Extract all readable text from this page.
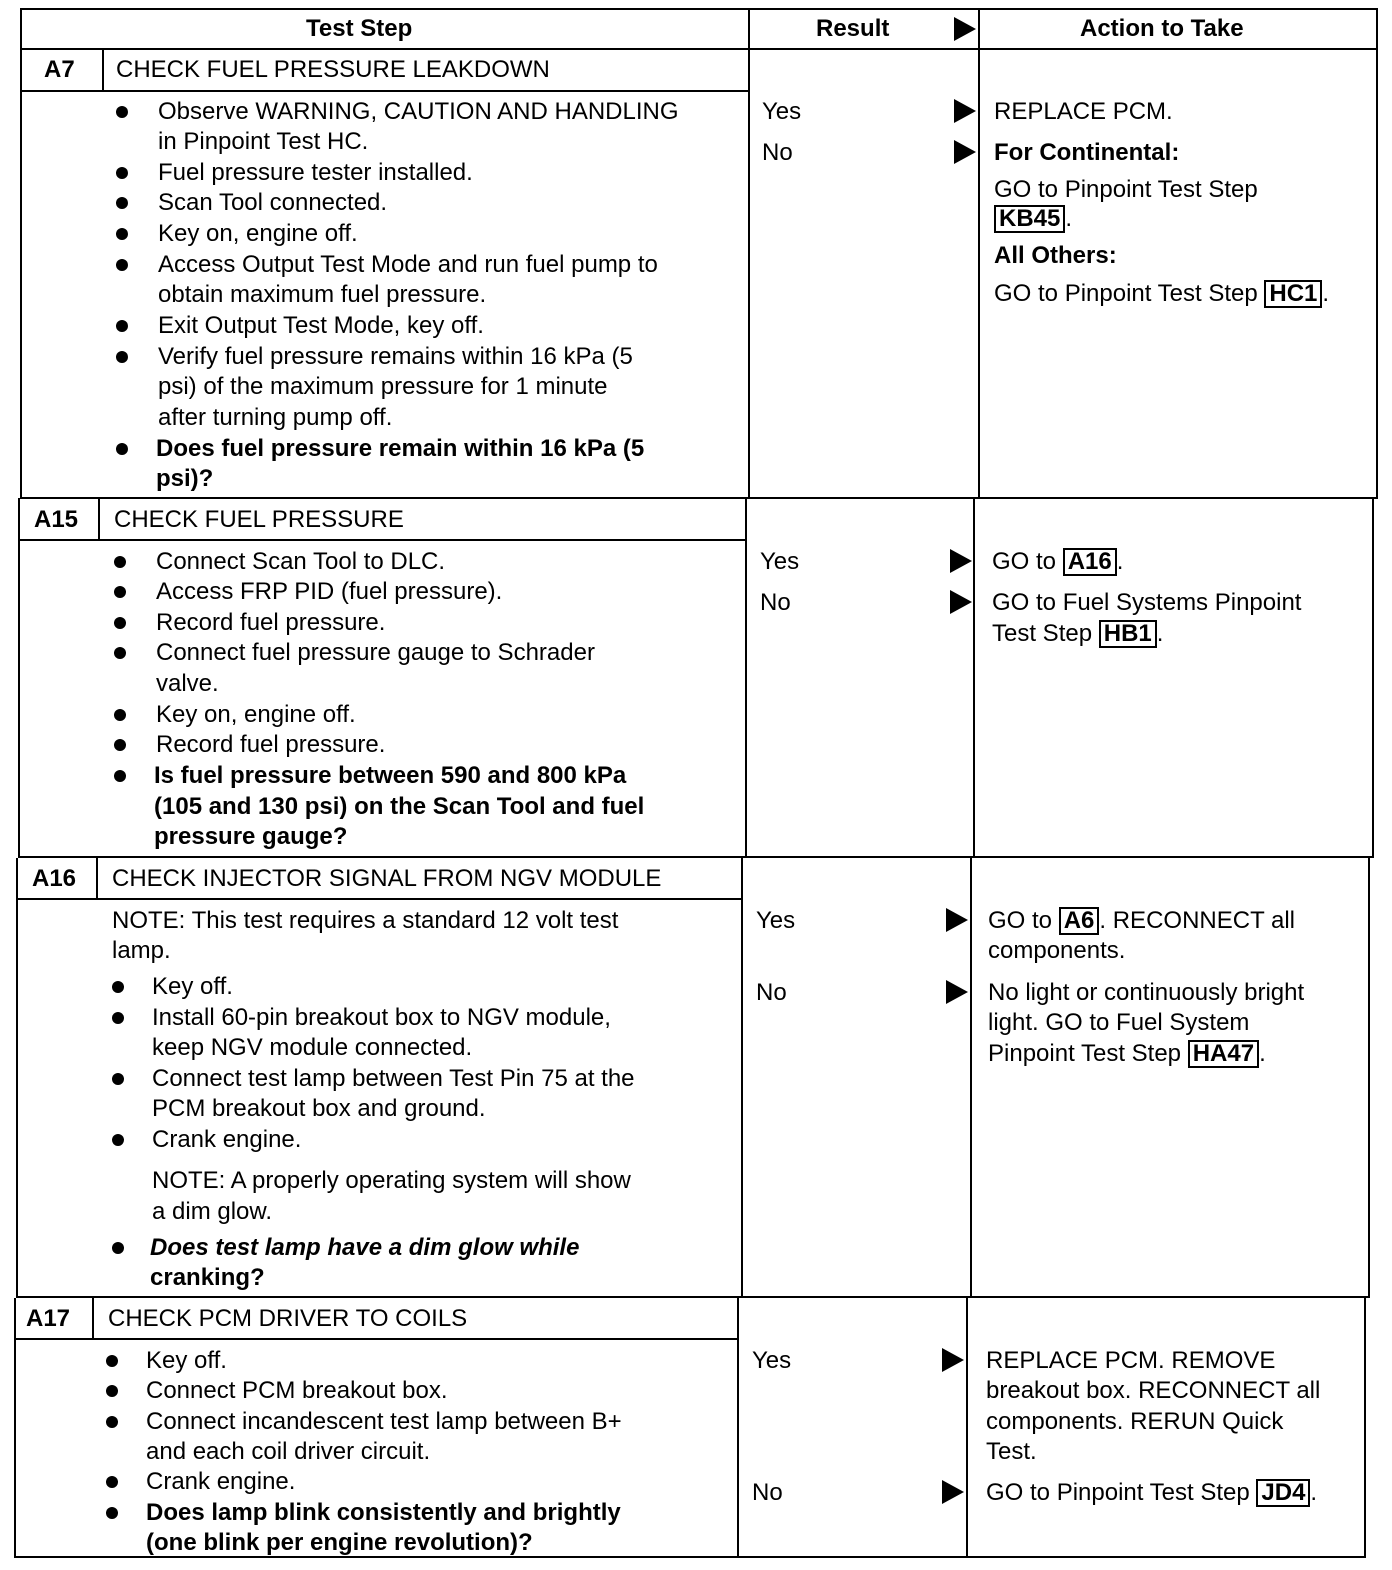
Test Step	Result	Action to Take
A7 CHECK FUEL PRESSURE LEAKDOWN
Observe WARNING, CAUTION AND HANDLING
in Pinpoint Test HC.
Fuel pressure tester installed.
Scan Tool connected.
Key on, engine off.
Access Output Test Mode and run fuel pump to
obtain maximum fuel pressure.
Exit Output Test Mode, key off.
Verify fuel pressure remains within 16 kPa (5
psi) of the maximum pressure for 1 minute
after turning pump off.
Does fuel pressure remain within 16 kPa (5
psi)?
Yes
No
REPLACE PCM.
For Continental:
GO to Pinpoint Test Step
KB45 .
All Others:
GO to Pinpoint Test Step HC1 .
A15 CHECK FUEL PRESSURE
Connect Scan Tool to DLC.
Access FRP PID (fuel pressure).
Record fuel pressure.
Connect fuel pressure gauge to Schrader
valve.
Key on, engine off.
Record fuel pressure.
Is fuel pressure between 590 and 800 kPa
(105 and 130 psi) on the Scan Tool and fuel
pressure gauge?
Yes
No
GO to A16 .
GO to Fuel Systems Pinpoint
Test Step HB1 .
A16 CHECK INJECTOR SIGNAL FROM NGV MODULE
NOTE: This test requires a standard 12 volt test
lamp.
Key off.
Install 60-pin breakout box to NGV module,
keep NGV module connected.
Connect test lamp between Test Pin 75 at the
PCM breakout box and ground.
Crank engine.
NOTE: A properly operating system will show
a dim glow.
Does test lamp have a dim glow while
cranking?
Yes
No
GO to A6 . RECONNECT all
components.
No light or continuously bright
light. GO to Fuel System
Pinpoint Test Step HA47 .
A17 CHECK PCM DRIVER TO COILS
Key off.
Connect PCM breakout box.
Connect incandescent test lamp between B+
and each coil driver circuit.
Crank engine.
Does lamp blink consistently and brightly
(one blink per engine revolution)?
Yes
No
REPLACE PCM. REMOVE
breakout box. RECONNECT all
components. RERUN Quick
Test.
GO to Pinpoint Test Step JD4 .
